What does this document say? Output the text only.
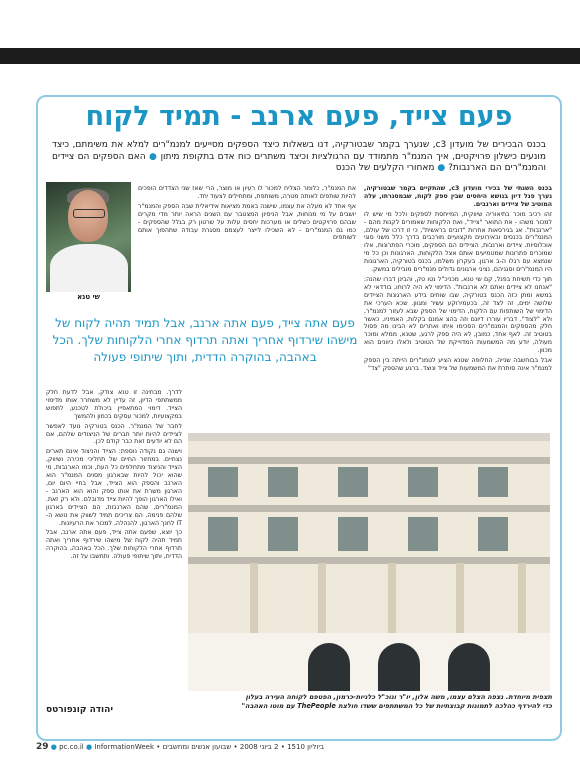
פעם צייד, פעם ארנב - תמיד לקוח
בכנס הבכירים של מועדון c3, שנערך בקמר שבטורקיה, דנו בשאלות כיצד הספקים מסייעים למנמ"רים למלא את משימתם, כיצד מונעים כישלון פרויקטים, איך המנמ"ר מתמודד עם הרגולציות וכיצד משתרים כוח אדם בתקופת מיתון ● האם הספקים הם ציידים והמנמ"רים הם הארנבות? ● מאחורי הקלעים של הכנס

בכנס השנתי של בכירי מועדון c3, שהתקיים בקמר שבטורקיה, נערך פנל דיון בנושא היחסים שבין ספק לקוח, שבמסגרתו, עלה המוטיב של ציידים וארנבים.

זהו רכיב מוכר בתיאוריה שיווקית, המייחסת לספקים ולכל מי שיש לו למכור משהו - את התואר "צייד", ואת הלקוחות שאמורים לקנות מהם - "ארנבות". אג בגירסאות אחרות "דובים בראשית", כי זו דרכו של עולם, המנמ"רים בכנסים ובאירועים מקצועיים מורכבים בדרך כלל משני סוגי אוכלוסיות. ציידים וארנבות, הציידים הם הספקים, מוכרי הפתרונות, אלו שמוכרים פתרונות שמטמיעים אותם אצל הלקוחות, הארגונות וכן כל מי שנמצא עם רגלו ה-ב ארגון. בעקרון משלמו, בכנס בטורקיה, הארגונות היו המנמ"רים וסגניהם, נציגי ארגונים גדולים מנמ"רים מובילים במשק.

תוך כדי תשיחת בפנל, קם שי טנא, מכניכ"ל נטו טק, והבינן דברו שהנה: "אנחנו לא ציידים ואתם לא ארנבות". הדימוי לא היה לרוחו, בודדאי לא במשא ומתן כזה הכנס בטורקיה, שבו שוחים בידע הארגונות הציידים שלושה ימים, זה לצד זה, בכעמירוקע עשיר ומגוון. שכא הערכי את הדימוי של השותפות עם הלקוח, הדימוי של הספק שבא לעזור למנמ"ר, ולא "לצוד". דבריו עוררו דיונם וזה בהצ אמנם בקלות, האמיניו, כאשר חלק מהספקים והמנמ"רים הסכימו איתו ואחרים לא הבינו מה פסול בטוטיב זה. לאף אחד, כמובן, לא היה ספק לרגע, שטנא, ממלא ומוכר מעולה, יודע מה המשמעות המדוייקת של הטוטיב ולאלו כיוונים הוא מכוון.

אבל בבוחשבה שנייה, החלופה שטנא הציע לטמנ"רים הייתה בין הספק למנמ"ר אינה סותרת את המשמעות של צייד ונוצד. ברגע שהספק "צד"

את המנמ"ר, כלומר הצליח למכור לו רעיון או מוצר, הרי שאז שני הצדדים הופכים להיות שותפים לאותה מטרה, משותפת, ומתחילים לצעוד יחד.

אף אחד לא מעלה את עצמו, שישנה באמת מציאות אידיאלית שבה הספק והמנמ"ר יושבים על מי מנוחות, אבל הניסיון המצטבר עם השנים הראה יותר מדי מקרים שבהם פרויקטים כשלים או מערכות יחסים עלות על שרטון רק בגלל שהספקים - כמו גם המנמ"רים - לא השכילו לייצר לעצמם מסגרת עבודה שתהפוך אותם לשותפים

שי טנא
פעם אתה צייד, פעם אתה ארנב, אבל תמיד תהיה לקוח של מישהו שירדוף אחריך ואתה תרדוף אחרי הלקוחות שלך. הכל באהבה, בהוקרה הדדית, ותוך שיתופי פעולה

לדרך. מבחינה זו טנא צודק, אבל לדעת חלק ממשתתפי הדיון, זה עדיין לא משחרר אותו מדימוי הצייד. דימוי המתאפיין ביכולת לטכנע, לתפוש במקצועיות, למכור עסקים בכמון ולהמשך

לחבר של המנמ"ר. הכנס בטורקיה נועד לאפשר לציידים להיות יותר חברים של הניצודים שלהם, אם הם לא יודעים זאת כבר קודם לכן.

וישנה גם נקודה נוספת: הצייד והניצוד אינם תארים נצחיים. במחזור החיים של תחליכי מכירה ושיווק, הצייד והניצוד מתחלפים כל העת, וכמו הארנבות, מי שהוא יכול להיות שבארגון מסוים המנמ"ר הוא הארנב והספק הוא הצייד, אבל בחיי היום יום, הארגון משרת את אותו ספק והוא הוא הארנב - ואילו הארגון הופך להיות צייד מדובלם. ולא רק זאת. המנמ"רים, שהם הארנבות, הם הציידים בארגון שלהם פנימה. הם צריכים תמיד לשווק את נושא ה-IT לחנך הארגון, להנהלה, למכור את הרעיונות.

כך יוצא, שפעם אתה צייד, פעם אתה ארנב, אבל תמיד תהיה לקוח של מישהו שירדוף אחריך ואתה תרדוף אחרי הלקוחות שלך. הכל באהבה, בהוקרה הדדית, ותוך שיתופי פעולה. ותחשבו על זה.

יהודה קונפורטס
תצפית מיוחדת. נצפה הצלם עצמו, משה אלון, יו"ר ונוכ"ל כלניות-כרמון, הפטפם לקוחה העירה בעלון
כדי להירדף כהלכה לתמונות קבוצתיות של כל המשתתפים ששדו חולצת ThePeople עם מוטו האהבה"
29 ● pc.co.il ● InformationWeek • ביוליון 1510 • 2 ביוני 2008 • שבועון אנשים ומחשבים
